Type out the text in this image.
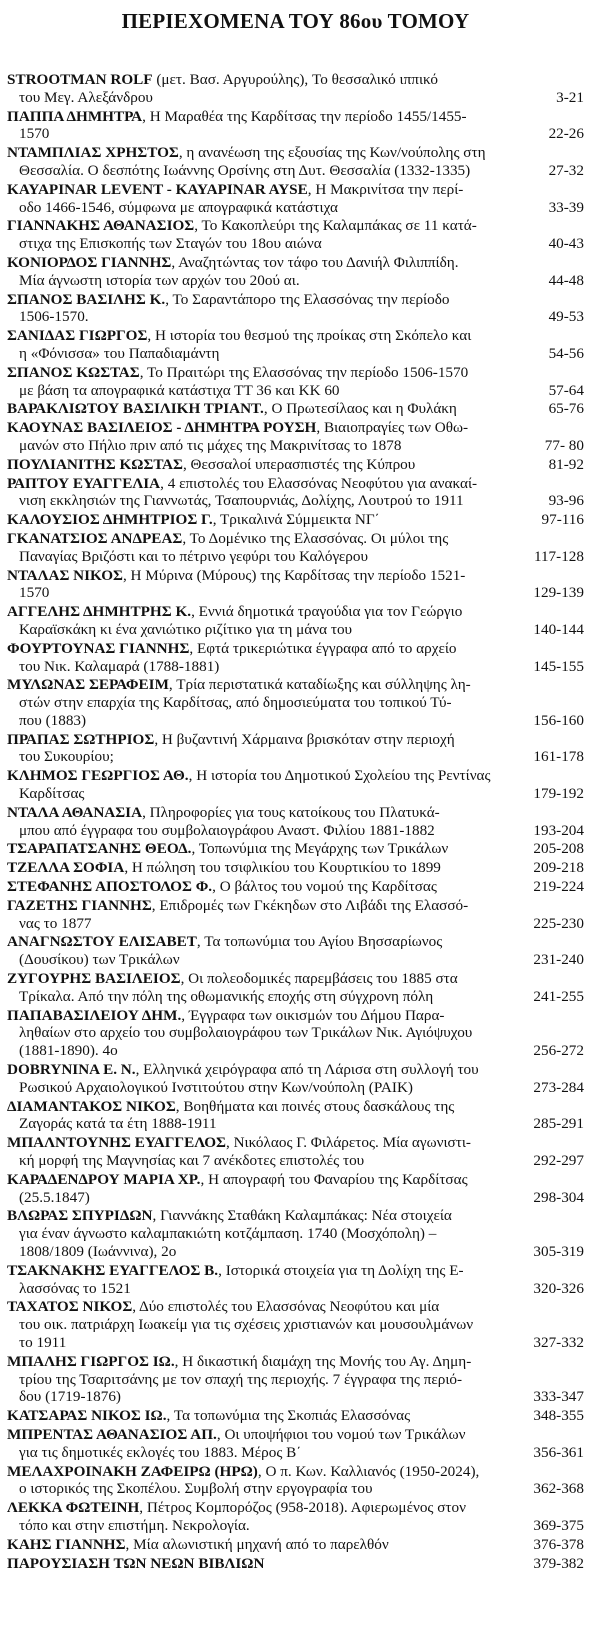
ΠΕΡΙΕΧΟΜΕΝΑ ΤΟΥ 86ου ΤΟΜΟΥ
STROOTMAN ROLF (μετ. Βασ. Αργυρούλης), Το θεσσαλικό ιππικό
του Μεγ. Αλεξάνδρου	3-21
ΠΑΠΠΑ ΔΗΜΗΤΡΑ, Η Μαραθέα της Καρδίτσας την περίοδο 1455/1455-
1570	22-26
ΝΤΑΜΠΛΙΑΣ ΧΡΗΣΤΟΣ, η ανανέωση της εξουσίας της Κων/νούπολης στη
Θεσσαλία. Ο δεσπότης Ιωάννης Ορσίνης στη Δυτ. Θεσσαλία (1332-1335)	27-32
KAYAPINAR LEVENT - KAYAPINAR AYSE, Η Μακρινίτσα την περί-
οδο 1466-1546, σύμφωνα με απογραφικά κατάστιχα	33-39
ΓΙΑΝΝΑΚΗΣ ΑΘΑΝΑΣΙΟΣ, Το Κακοπλεύρι της Καλαμπάκας σε 11 κατά-
στιχα της Επισκοπής των Σταγών του 18ου αιώνα	40-43
ΚΟΝΙΟΡΔΟΣ ΓΙΑΝΝΗΣ, Αναζητώντας τον τάφο του Δανιήλ Φιλιππίδη.
Μία άγνωστη ιστορία των αρχών του 20ού αι.	44-48
ΣΠΑΝΟΣ ΒΑΣΙΛΗΣ Κ., Το Σαραντάπορο της Ελασσόνας την περίοδο
1506-1570.	49-53
ΣΑΝΙΔΑΣ ΓΙΩΡΓΟΣ, Η ιστορία του θεσμού της προίκας στη Σκόπελο και
η «Φόνισσα» του Παπαδιαμάντη	54-56
ΣΠΑΝΟΣ ΚΩΣΤΑΣ, Το Πραιτώρι της Ελασσόνας την περίοδο 1506-1570
με βάση τα απογραφικά κατάστιχα ΤΤ 36 και ΚΚ 60	57-64
ΒΑΡΑΚΛΙΩΤΟΥ ΒΑΣΙΛΙΚΗ ΤΡΙΑΝΤ., Ο Πρωτεσίλαος και η Φυλάκη	65-76
ΚΑΟΥΝΑΣ ΒΑΣΙΛΕΙΟΣ - ΔΗΜΗΤΡΑ ΡΟΥΣΗ, Βιαιοπραγίες των Οθω-
μανών στο Πήλιο πριν από τις μάχες της Μακρινίτσας το 1878	77- 80
ΠΟΥΛΙΑΝΙΤΗΣ ΚΩΣΤΑΣ, Θεσσαλοί υπερασπιστές της Κύπρου	81-92
ΡΑΠΤΟΥ ΕΥΑΓΓΕΛΙΑ, 4 επιστολές του Ελασσόνας Νεοφύτου για ανακαί-
νιση εκκλησιών της Γιαννωτάς, Τσαπουρνιάς, Δολίχης, Λουτρού το 1911	93-96
ΚΑΛΟΥΣΙΟΣ ΔΗΜΗΤΡΙΟΣ Γ., Τρικαλινά Σύμμεικτα ΝΓ΄	97-116
ΓΚΑΝΑΤΣΙΟΣ ΑΝΔΡΕΑΣ, Το Δομένικο της Ελασσόνας. Οι μύλοι της
Παναγίας Βριζόστι και το πέτρινο γεφύρι του Καλόγερου	117-128
ΝΤΑΛΑΣ ΝΙΚΟΣ, Η Μύρινα (Μύρους) της Καρδίτσας την περίοδο 1521-
1570	129-139
ΑΓΓΕΛΗΣ ΔΗΜΗΤΡΗΣ Κ., Εννιά δημοτικά τραγούδια για τον Γεώργιο
Καραϊσκάκη κι ένα χανιώτικο ριζίτικο για τη μάνα του	140-144
ΦΟΥΡΤΟΥΝΑΣ ΓΙΑΝΝΗΣ, Εφτά τρικεριώτικα έγγραφα από το αρχείο
του Νικ. Καλαμαρά (1788-1881)	145-155
ΜΥΛΩΝΑΣ ΣΕΡΑΦΕΙΜ, Τρία περιστατικά καταδίωξης και σύλληψης λη-
στών στην επαρχία της Καρδίτσας, από δημοσιεύματα του τοπικού Τύ-
που (1883)	156-160
ΠΡΑΠΑΣ ΣΩΤΗΡΙΟΣ, Η βυζαντινή Χάρμαινα βρισκόταν στην περιοχή
του Συκουρίου;	161-178
ΚΛΗΜΟΣ ΓΕΩΡΓΙΟΣ ΑΘ., Η ιστορία του Δημοτικού Σχολείου της Ρεντίνας
Καρδίτσας	179-192
ΝΤΑΛΑ ΑΘΑΝΑΣΙΑ, Πληροφορίες για τους κατοίκους του Πλατυκά-
μπου από έγγραφα του συμβολαιογράφου Αναστ. Φιλίου 1881-1882	193-204
ΤΣΑΡΑΠΑΤΣΑΝΗΣ ΘΕΟΔ., Τοπωνύμια της Μεγάρχης των Τρικάλων	205-208
ΤΖΕΛΛΑ ΣΟΦΙΑ, Η πώληση του τσιφλικίου του Κουρτικίου το 1899	209-218
ΣΤΕΦΑΝΗΣ ΑΠΟΣΤΟΛΟΣ Φ., Ο βάλτος του νομού της Καρδίτσας	219-224
ΓΑΖΕΤΗΣ ΓΙΑΝΝΗΣ, Επιδρομές των Γκέκηδων στο Λιβάδι της Ελασσό-
νας το 1877	225-230
ΑΝΑΓΝΩΣΤΟΥ ΕΛΙΣΑΒΕΤ, Τα τοπωνύμια του Αγίου Βησσαρίωνος
(Δουσίκου) των Τρικάλων	231-240
ΖΥΓΟΥΡΗΣ ΒΑΣΙΛΕΙΟΣ, Οι πολεοδομικές παρεμβάσεις του 1885 στα
Τρίκαλα. Από την πόλη της οθωμανικής εποχής στη σύγχρονη πόλη	241-255
ΠΑΠΑΒΑΣΙΛΕΙΟΥ ΔΗΜ., Έγγραφα των οικισμών του Δήμου Παρα-
ληθαίων στο αρχείο του συμβολαιογράφου των Τρικάλων Νικ. Αγιόψυχου
(1881-1890). 4ο	256-272
DOBRYNINA E. N., Ελληνικά χειρόγραφα από τη Λάρισα στη συλλογή του
Ρωσικού Αρχαιολογικού Ινστιτούτου στην Κων/νούπολη (ΡΑΙΚ)	273-284
ΔΙΑΜΑΝΤΑΚΟΣ ΝΙΚΟΣ, Βοηθήματα και ποινές στους δασκάλους της
Ζαγοράς κατά τα έτη 1888-1911	285-291
ΜΠΑΛΝΤΟΥΝΗΣ ΕΥΑΓΓΕΛΟΣ, Νικόλαος Γ. Φιλάρετος. Μία αγωνιστι-
κή μορφή της Μαγνησίας και 7 ανέκδοτες επιστολές του	292-297
ΚΑΡΑΔΕΝΔΡΟΥ ΜΑΡΙΑ ΧΡ., Η απογραφή του Φαναρίου της Καρδίτσας
(25.5.1847)	298-304
ΒΛΩΡΑΣ ΣΠΥΡΙΔΩΝ, Γιαννάκης Σταθάκη Καλαμπάκας: Νέα στοιχεία
για έναν άγνωστο καλαμπακιώτη κοτζάμπαση. 1740 (Μοσχόπολη) –
1808/1809 (Ιωάννινα), 2ο	305-319
ΤΣΑΚΝΑΚΗΣ ΕΥΑΓΓΕΛΟΣ Β., Ιστορικά στοιχεία για τη Δολίχη της Ε-
λασσόνας το 1521	320-326
ΤΑΧΑΤΟΣ ΝΙΚΟΣ, Δύο επιστολές του Ελασσόνας Νεοφύτου και μία
του οικ. πατριάρχη Ιωακείμ για τις σχέσεις χριστιανών και μουσουλμάνων
το 1911	327-332
ΜΠΑΛΗΣ ΓΙΩΡΓΟΣ ΙΩ., Η δικαστική διαμάχη της Μονής του Αγ. Δημη-
τρίου της Τσαριτσάνης με τον σπαχή της περιοχής. 7 έγγραφα της περιό-
δου (1719-1876)	333-347
ΚΑΤΣΑΡΑΣ ΝΙΚΟΣ ΙΩ., Τα τοπωνύμια της Σκοπιάς Ελασσόνας	348-355
ΜΠΡΕΝΤΑΣ ΑΘΑΝΑΣΙΟΣ ΑΠ., Οι υποψήφιοι του νομού των Τρικάλων
για τις δημοτικές εκλογές του 1883. Μέρος Β΄	356-361
ΜΕΛΑΧΡΟΙΝΑΚΗ ΖΑΦΕΙΡΩ (ΗΡΩ), Ο π. Κων. Καλλιανός (1950-2024),
ο ιστορικός της Σκοπέλου. Συμβολή στην εργογραφία του	362-368
ΛΕΚΚΑ ΦΩΤΕΙΝΗ, Πέτρος Κομπορόζος (958-2018). Αφιερωμένος στον
τόπο και στην επιστήμη. Νεκρολογία.	369-375
ΚΑΗΣ ΓΙΑΝΝΗΣ, Μία αλωνιστική μηχανή από το παρελθόν	376-378
ΠΑΡΟΥΣΙΑΣΗ ΤΩΝ ΝΕΩΝ ΒΙΒΛΙΩΝ	379-382
